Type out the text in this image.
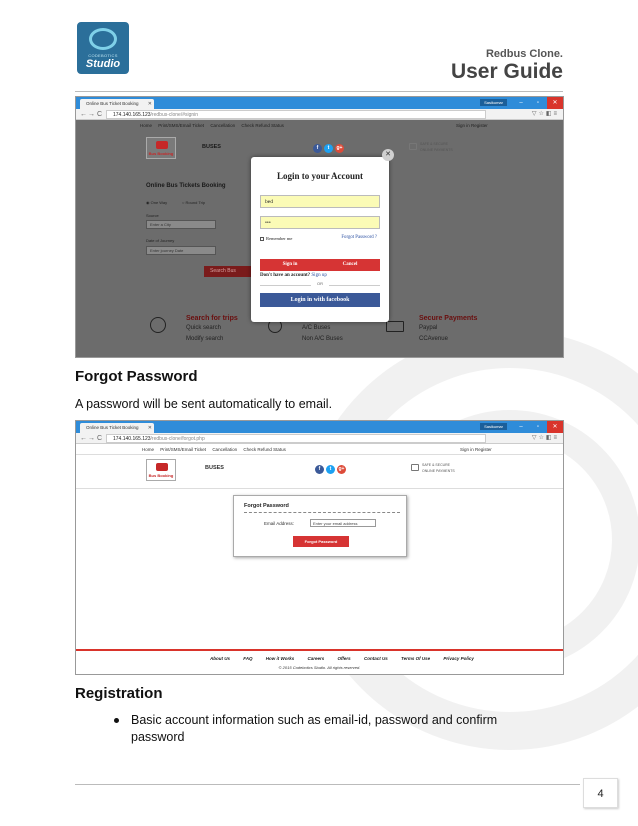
CODEBOTICS
Studio
Redbus Clone.
User Guide
Online Bus Ticket Booking ✕	Sasikumar	–	▫	✕
← → C	174.140.165.123/redbus-clone/#signin	▽☆◧≡
Home Print/SMS/Email Ticket Cancellation Check Refund Status	Sign in Register
Bus Booking
BUSES	f	t	g+
SAFE & SECURE
ONLINE PAYMENTS
Online Bus Tickets Booking
◉ One Way	○ Round Trip
Source
Enter a City
Date of Journey
Enter journey Date
Search Bus
Search for trips
Quick search
Modify search
A/C Buses
Non A/C Buses
Secure Payments
Paypal
CCAvenue
Login to your Account
bed
•••
Remember me	Forgot Password ?
Sign in	Cancel
Don't have an account? Sign up
OR
Login in with facebook
✕
Forgot Password
A password will be sent automatically to email.
Online Bus Ticket Booking ✕	Sasikumar	–	▫	✕
← → C	174.140.165.123/redbus-clone/forgot.php	▽☆◧≡
Home Print/SMS/Email Ticket Cancellation Check Refund Status	Sign in Register
Bus Booking
BUSES	f	t	g+
SAFE & SECURE
ONLINE PAYMENTS
Forgot Password
Email Address:	Enter your email address
Forgot Password
About Us	FAQ	How it Works	Careers	Offers	Contact Us	Terms Of Use	Privacy Policy
© 2015 Codebotics Studio. All rights reserved.
Registration
Basic account information such as email-id, password and confirm password
4
